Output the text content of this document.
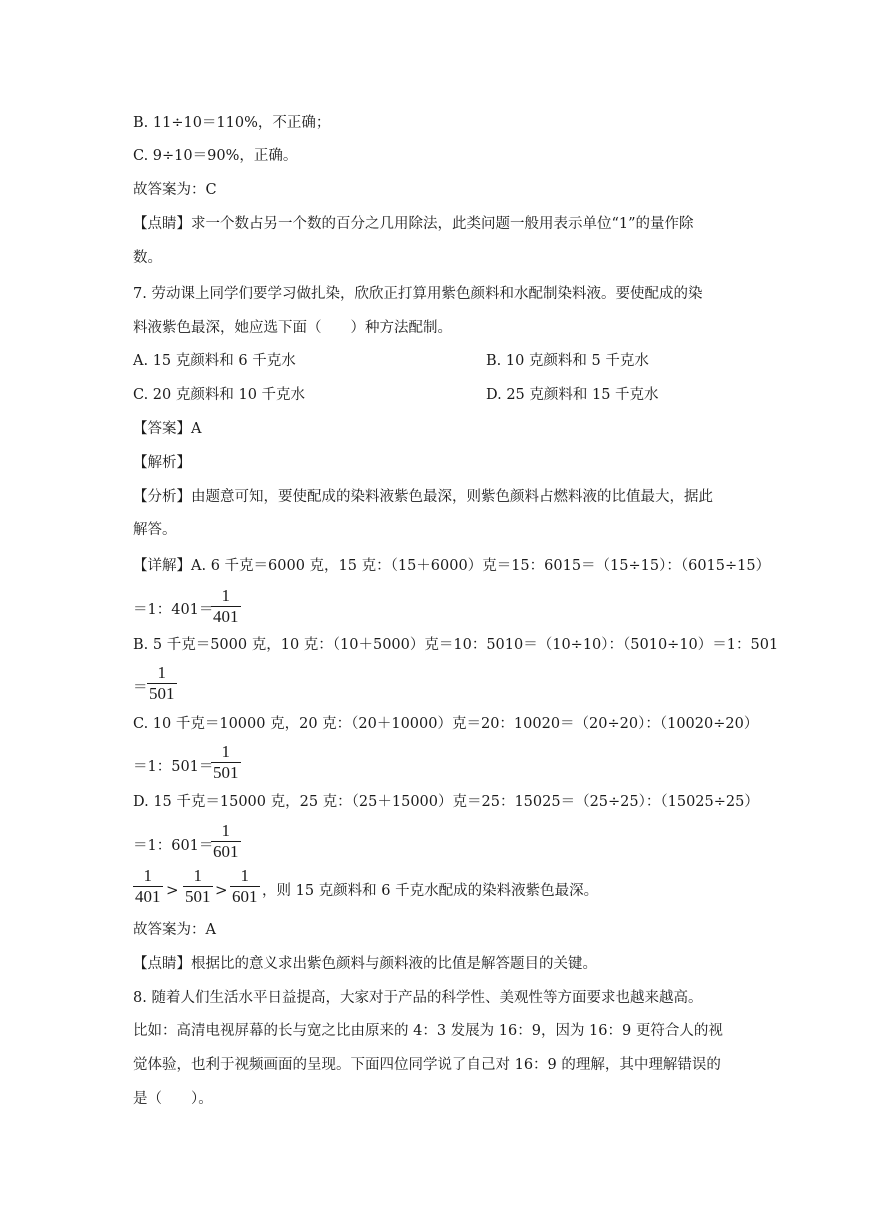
B. 11÷10＝110%，不正确；
C. 9÷10＝90%，正确。
故答案为：C
【点睛】求一个数占另一个数的百分之几用除法，此类问题一般用表示单位“1”的量作除
数。
7. 劳动课上同学们要学习做扎染，欣欣正打算用紫色颜料和水配制染料液。要使配成的染
料液紫色最深，她应选下面（　　）种方法配制。
A. 15 克颜料和 6 千克水	B. 10 克颜料和 5 千克水
C. 20 克颜料和 10 千克水	D. 25 克颜料和 15 千克水
【答案】A
【解析】
【分析】由题意可知，要使配成的染料液紫色最深，则紫色颜料占燃料液的比值最大，据此
解答。
【详解】A. 6 千克＝6000 克，15 克：（15＋6000）克＝15：6015＝（15÷15）：（6015÷15）
＝1：401＝
1
401
B. 5 千克＝5000 克，10 克：（10＋5000）克＝10：5010＝（10÷10）：（5010÷10）＝1：501
＝
1
501
C. 10 千克＝10000 克，20 克：（20＋10000）克＝20：10020＝（20÷20）：（10020÷20）
＝1：501＝
1
501
D. 15 千克＝15000 克，25 克：（25＋15000）克＝25：15025＝（25÷25）：（15025÷25）
＝1：601＝
1
601
1
401 >
1
501 >
1
601 ，则 15 克颜料和 6 千克水配成的染料液紫色最深。
故答案为：A
【点睛】根据比的意义求出紫色颜料与颜料液的比值是解答题目的关键。
8. 随着人们生活水平日益提高，大家对于产品的科学性、美观性等方面要求也越来越高。
比如：高清电视屏幕的长与宽之比由原来的 4：3 发展为 16：9，因为 16：9 更符合人的视
觉体验，也利于视频画面的呈现。下面四位同学说了自己对 16：9 的理解，其中理解错误的
是（　　）。
